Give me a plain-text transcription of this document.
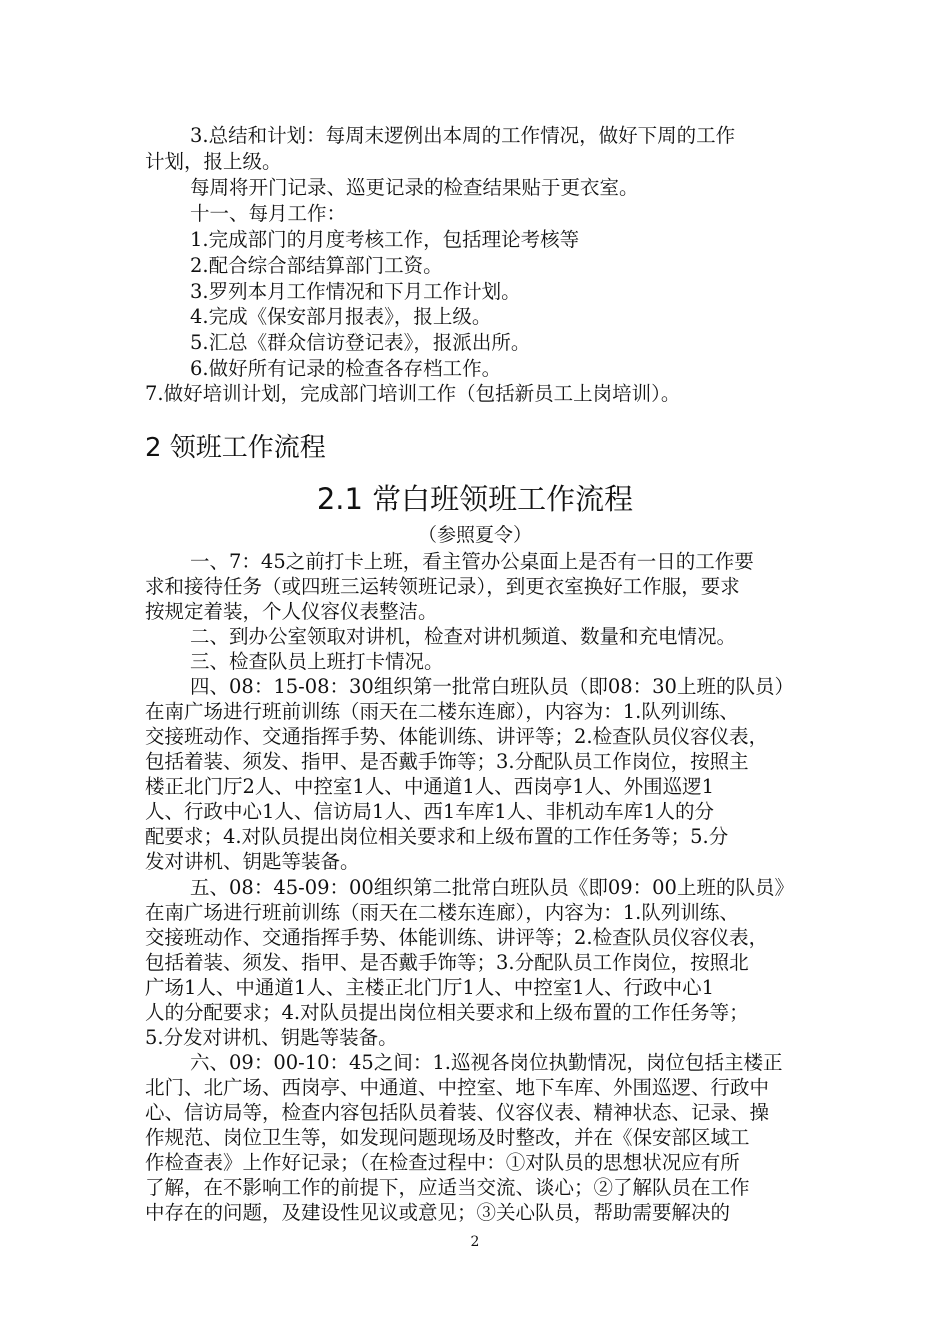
3.总结和计划：每周末逻例出本周的工作情况，做好下周的工作
计划，报上级。
每周将开门记录、巡更记录的检查结果贴于更衣室。
十一、每月工作：
1.完成部门的月度考核工作，包括理论考核等
2.配合综合部结算部门工资。
3.罗列本月工作情况和下月工作计划。
4.完成《保安部月报表》，报上级。
5.汇总《群众信访登记表》，报派出所。
6.做好所有记录的检查各存档工作。
7.做好培训计划，完成部门培训工作（包括新员工上岗培训）。
2 领班工作流程
2.1 常白班领班工作流程
（参照夏令）
一、7：45之前打卡上班，看主管办公桌面上是否有一日的工作要
求和接待任务（或四班三运转领班记录），到更衣室换好工作服，要求
按规定着装，个人仪容仪表整洁。
二、到办公室领取对讲机，检查对讲机频道、数量和充电情况。
三、检查队员上班打卡情况。
四、08：15-08：30组织第一批常白班队员（即08：30上班的队员）
在南广场进行班前训练（雨天在二楼东连廊），内容为：1.队列训练、
交接班动作、交通指挥手势、体能训练、讲评等；2.检查队员仪容仪表，
包括着装、须发、指甲、是否戴手饰等；3.分配队员工作岗位，按照主
楼正北门厅2人、中控室1人、中通道1人、西岗亭1人、外围巡逻1
人、行政中心1人、信访局1人、西1车库1人、非机动车库1人的分
配要求；4.对队员提出岗位相关要求和上级布置的工作任务等；5.分
发对讲机、钥匙等装备。
五、08：45-09：00组织第二批常白班队员《即09：00上班的队员》
在南广场进行班前训练（雨天在二楼东连廊），内容为：1.队列训练、
交接班动作、交通指挥手势、体能训练、讲评等；2.检查队员仪容仪表，
包括着装、须发、指甲、是否戴手饰等；3.分配队员工作岗位，按照北
广场1人、中通道1人、主楼正北门厅1人、中控室1人、行政中心1
人的分配要求；4.对队员提出岗位相关要求和上级布置的工作任务等；
5.分发对讲机、钥匙等装备。
六、09：00-10：45之间：1.巡视各岗位执勤情况，岗位包括主楼正
北门、北广场、西岗亭、中通道、中控室、地下车库、外围巡逻、行政中
心、信访局等，检查内容包括队员着装、仪容仪表、精神状态、记录、操
作规范、岗位卫生等，如发现问题现场及时整改，并在《保安部区域工
作检查表》上作好记录；（在检查过程中：①对队员的思想状况应有所
了解，在不影响工作的前提下，应适当交流、谈心；②了解队员在工作
中存在的问题，及建设性见议或意见；③关心队员，帮助需要解决的
2
